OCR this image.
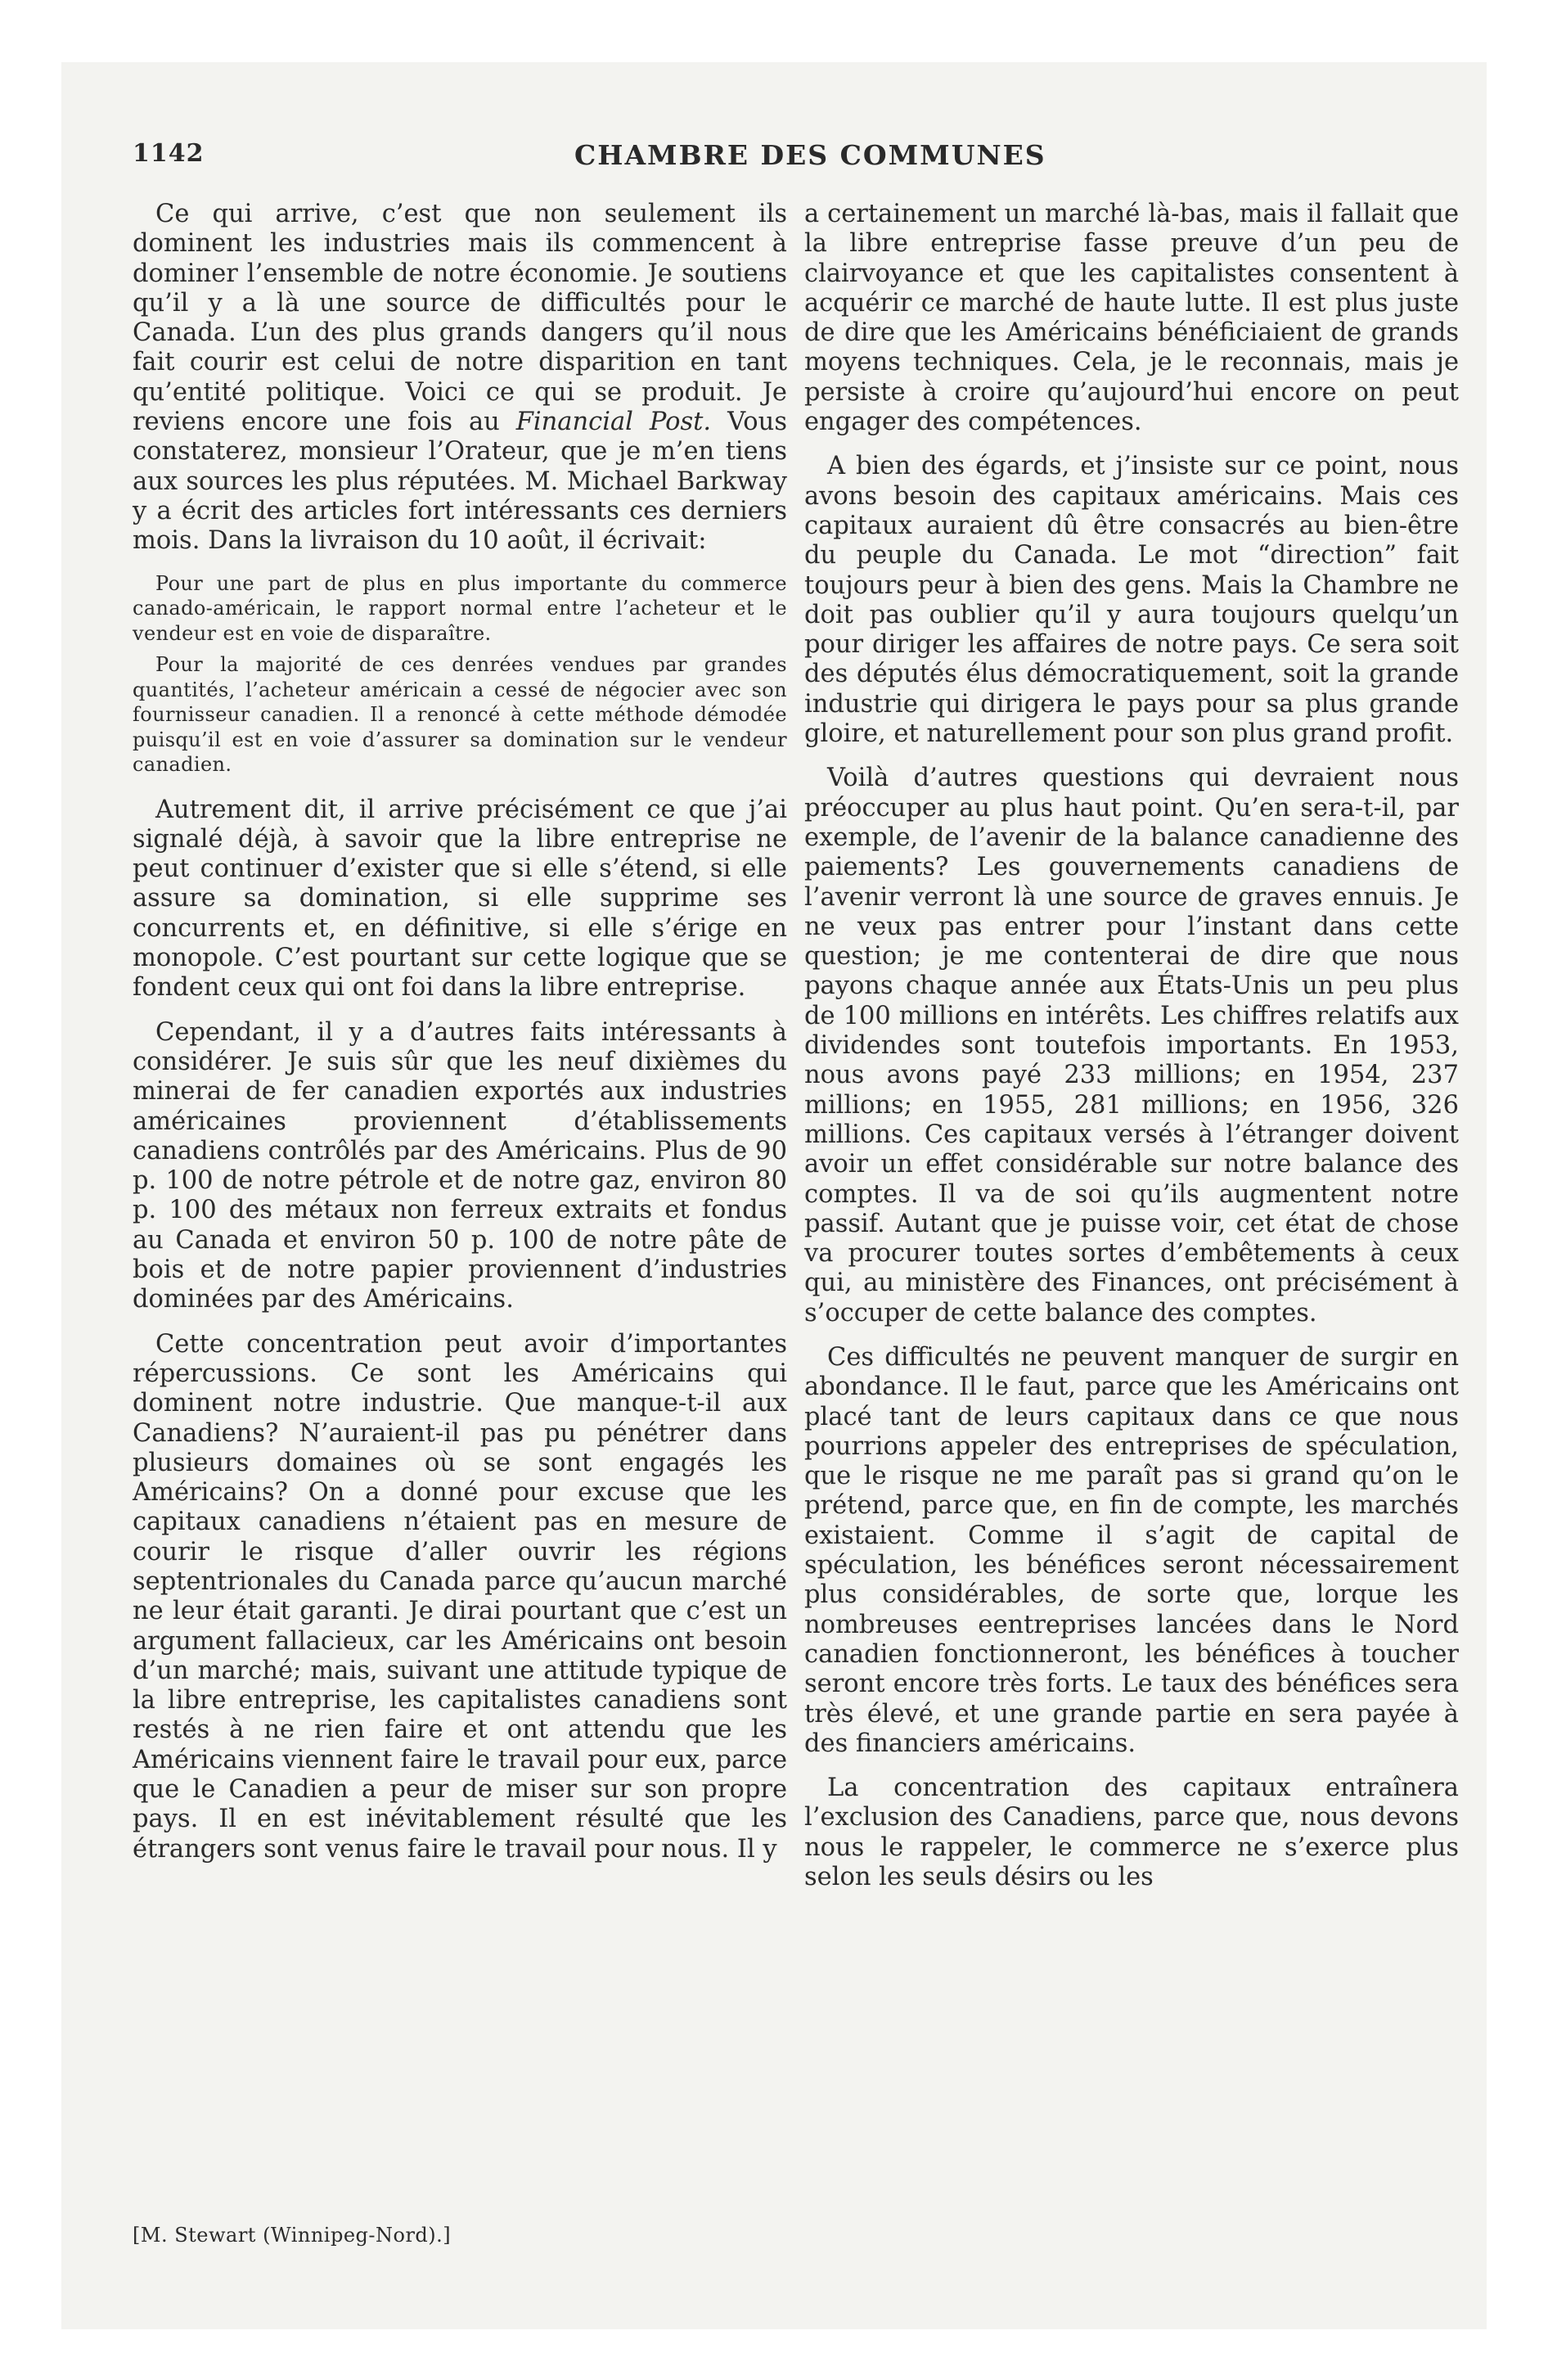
1142	CHAMBRE DES COMMUNES

Ce qui arrive, c’est que non seulement ils dominent les industries mais ils commencent à dominer l’ensemble de notre économie. Je soutiens qu’il y a là une source de difficultés pour le Canada. L’un des plus grands dangers qu’il nous fait courir est celui de notre disparition en tant qu’entité politique. Voici ce qui se produit. Je reviens encore une fois au Financial Post. Vous constaterez, monsieur l’Orateur, que je m’en tiens aux sources les plus réputées. M. Michael Barkway y a écrit des articles fort intéressants ces derniers mois. Dans la livraison du 10 août, il écrivait:

Pour une part de plus en plus importante du commerce canado-américain, le rapport normal entre l’acheteur et le vendeur est en voie de disparaître.

Pour la majorité de ces denrées vendues par grandes quantités, l’acheteur américain a cessé de négocier avec son fournisseur canadien. Il a renoncé à cette méthode démodée puisqu’il est en voie d’assurer sa domination sur le vendeur canadien.

Autrement dit, il arrive précisément ce que j’ai signalé déjà, à savoir que la libre entreprise ne peut continuer d’exister que si elle s’étend, si elle assure sa domination, si elle supprime ses concurrents et, en définitive, si elle s’érige en monopole. C’est pourtant sur cette logique que se fondent ceux qui ont foi dans la libre entreprise.

Cependant, il y a d’autres faits intéressants à considérer. Je suis sûr que les neuf dixièmes du minerai de fer canadien exportés aux industries américaines proviennent d’établissements canadiens contrôlés par des Américains. Plus de 90 p. 100 de notre pétrole et de notre gaz, environ 80 p. 100 des métaux non ferreux extraits et fondus au Canada et environ 50 p. 100 de notre pâte de bois et de notre papier proviennent d’industries dominées par des Américains.

Cette concentration peut avoir d’importantes répercussions. Ce sont les Américains qui dominent notre industrie. Que manque-t-il aux Canadiens? N’auraient-il pas pu pénétrer dans plusieurs domaines où se sont engagés les Américains? On a donné pour excuse que les capitaux canadiens n’étaient pas en mesure de courir le risque d’aller ouvrir les régions septentrionales du Canada parce qu’aucun marché ne leur était garanti. Je dirai pourtant que c’est un argument fallacieux, car les Américains ont besoin d’un marché; mais, suivant une attitude typique de la libre entreprise, les capitalistes canadiens sont restés à ne rien faire et ont attendu que les Américains viennent faire le travail pour eux, parce que le Canadien a peur de miser sur son propre pays. Il en est inévitablement résulté que les étrangers sont venus faire le travail pour nous. Il y

a certainement un marché là-bas, mais il fallait que la libre entreprise fasse preuve d’un peu de clairvoyance et que les capitalistes consentent à acquérir ce marché de haute lutte. Il est plus juste de dire que les Américains bénéficiaient de grands moyens techniques. Cela, je le reconnais, mais je persiste à croire qu’aujourd’hui encore on peut engager des compétences.

A bien des égards, et j’insiste sur ce point, nous avons besoin des capitaux américains. Mais ces capitaux auraient dû être consacrés au bien-être du peuple du Canada. Le mot “direction” fait toujours peur à bien des gens. Mais la Chambre ne doit pas oublier qu’il y aura toujours quelqu’un pour diriger les affaires de notre pays. Ce sera soit des députés élus démocratiquement, soit la grande industrie qui dirigera le pays pour sa plus grande gloire, et naturellement pour son plus grand profit.

Voilà d’autres questions qui devraient nous préoccuper au plus haut point. Qu’en sera-t-il, par exemple, de l’avenir de la balance canadienne des paiements? Les gouvernements canadiens de l’avenir verront là une source de graves ennuis. Je ne veux pas entrer pour l’instant dans cette question; je me contenterai de dire que nous payons chaque année aux États-Unis un peu plus de 100 millions en intérêts. Les chiffres relatifs aux dividendes sont toutefois importants. En 1953, nous avons payé 233 millions; en 1954, 237 millions; en 1955, 281 millions; en 1956, 326 millions. Ces capitaux versés à l’étranger doivent avoir un effet considérable sur notre balance des comptes. Il va de soi qu’ils augmentent notre passif. Autant que je puisse voir, cet état de chose va procurer toutes sortes d’embêtements à ceux qui, au ministère des Finances, ont précisément à s’occuper de cette balance des comptes.

Ces difficultés ne peuvent manquer de surgir en abondance. Il le faut, parce que les Américains ont placé tant de leurs capitaux dans ce que nous pourrions appeler des entreprises de spéculation, que le risque ne me paraît pas si grand qu’on le prétend, parce que, en fin de compte, les marchés existaient. Comme il s’agit de capital de spéculation, les bénéfices seront nécessairement plus considérables, de sorte que, lorque les nombreuses eentreprises lancées dans le Nord canadien fonctionneront, les bénéfices à toucher seront encore très forts. Le taux des bénéfices sera très élevé, et une grande partie en sera payée à des financiers américains.

La concentration des capitaux entraînera l’exclusion des Canadiens, parce que, nous devons nous le rappeler, le commerce ne s’exerce plus selon les seuls désirs ou les

[M. Stewart (Winnipeg-Nord).]
